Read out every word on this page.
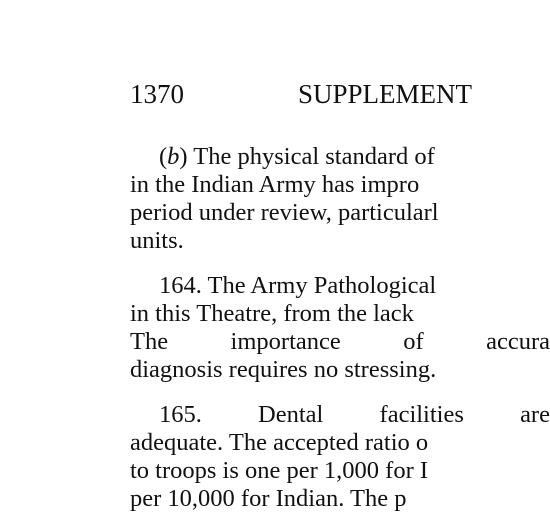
1370	SUPPLEMENT

(b) The physical standard of
in the Indian Army has impro
period under review, particularl
units.

164. The Army Pathological
in this Theatre, from the lack
The	importance	of	accura
diagnosis requires no stressing.

165. Dental facilities are
adequate. The accepted ratio o
to troops is one per 1,000 for I
per 10,000 for Indian. The p
